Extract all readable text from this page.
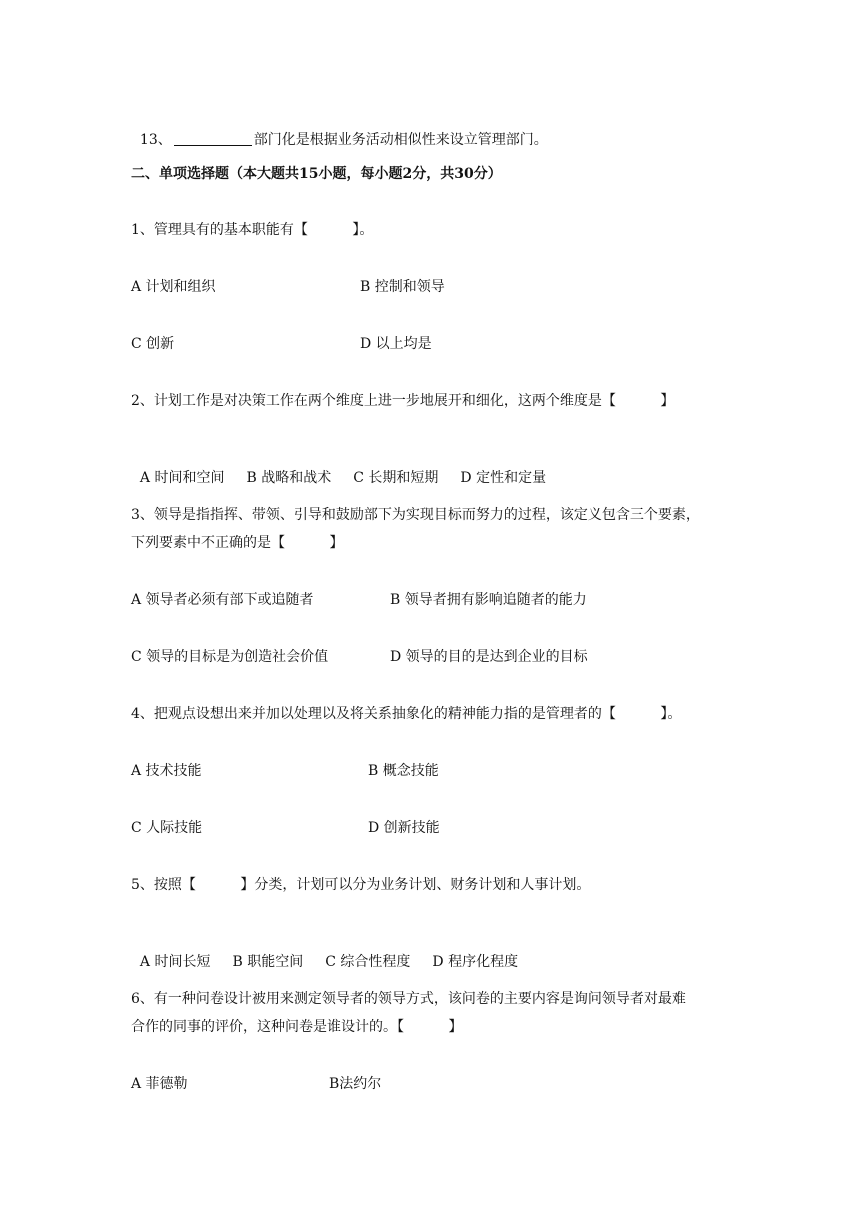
13、	部门化是根据业务活动相似性来设立管理部门。

二、单项选择题（本大题共15小题，每小题2分，共30分）
1、管理具有的基本职能有【          】。
A 计划和组织	B 控制和领导
C 创新	D 以上均是
2、计划工作是对决策工作在两个维度上进一步地展开和细化，这两个维度是【          】

A 时间和空间 B 战略和战术 C 长期和短期 D 定性和定量

3、领导是指指挥、带领、引导和鼓励部下为实现目标而努力的过程，该定义包含三个要素，
下列要素中不正确的是【          】
A 领导者必须有部下或追随者	B 领导者拥有影响追随者的能力
C 领导的目标是为创造社会价值	D 领导的目的是达到企业的目标
4、把观点设想出来并加以处理以及将关系抽象化的精神能力指的是管理者的【          】。
A 技术技能	B 概念技能
C 人际技能	D 创新技能
5、按照【          】分类，计划可以分为业务计划、财务计划和人事计划。

A 时间长短 B 职能空间 C 综合性程度 D 程序化程度

6、有一种问卷设计被用来测定领导者的领导方式，该问卷的主要内容是询问领导者对最难
合作的同事的评价，这种问卷是谁设计的。【          】
A 菲德勒	B法约尔
